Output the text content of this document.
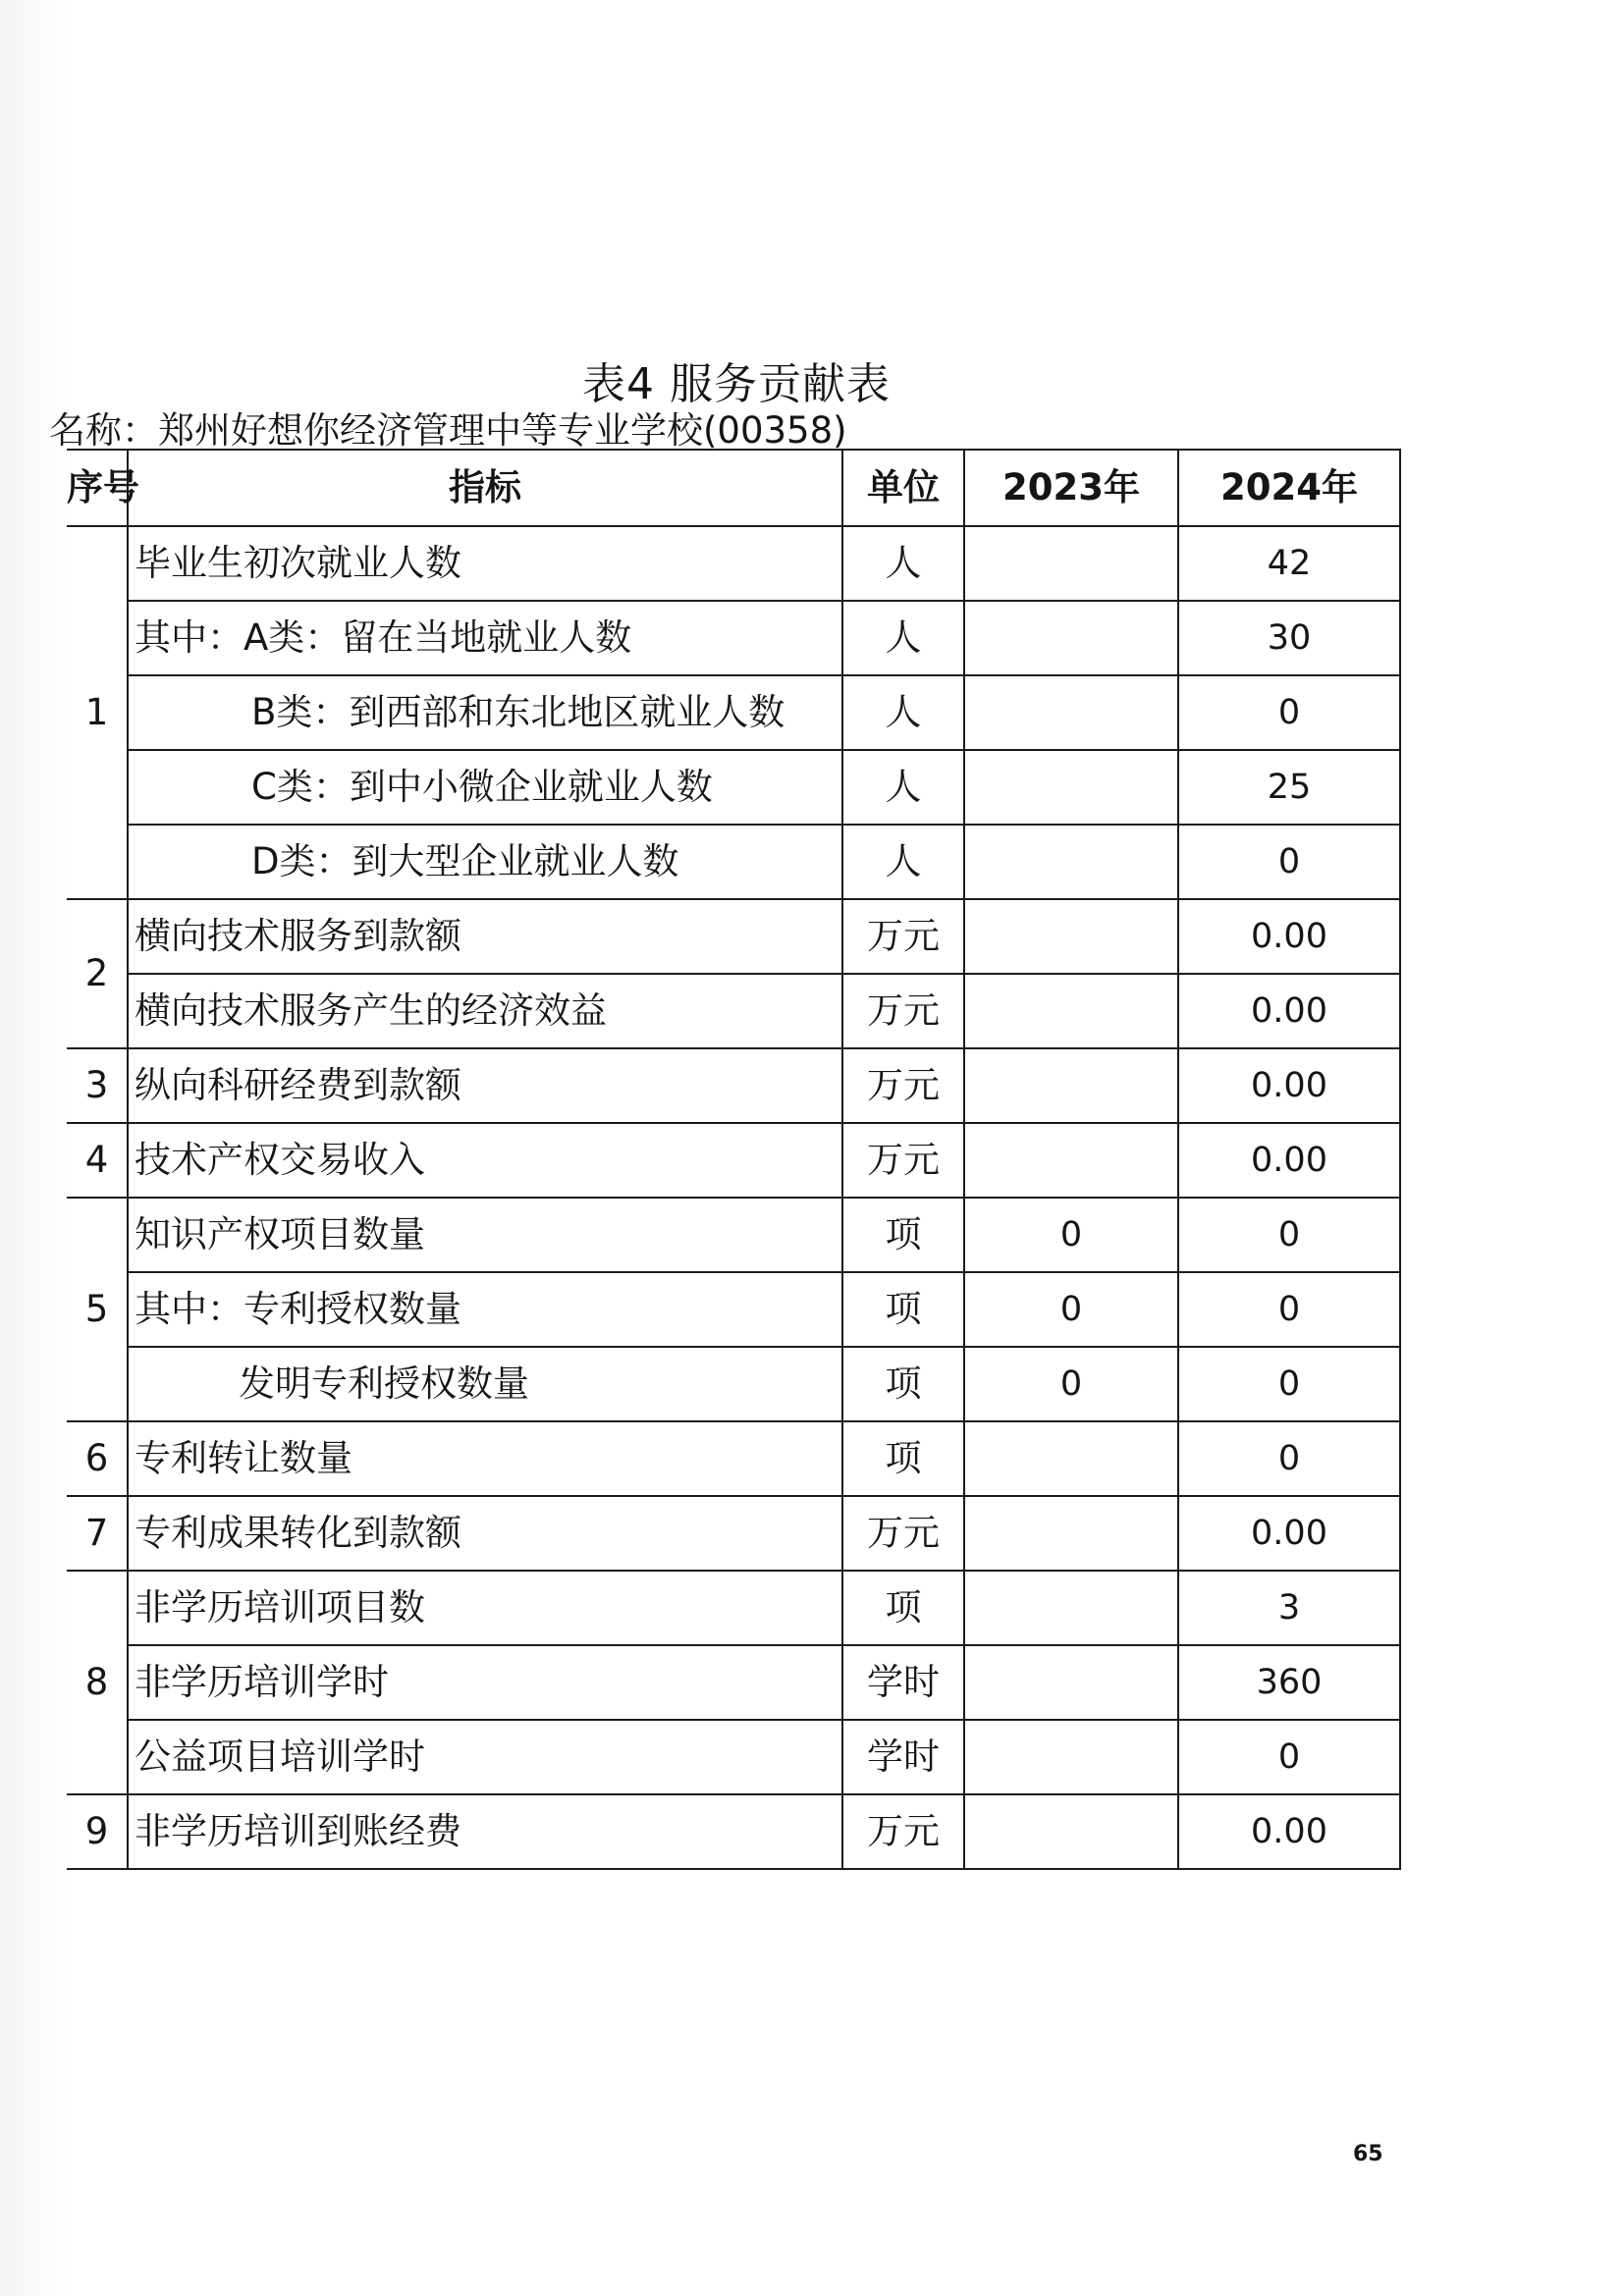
表4 服务贡献表
名称：郑州好想你经济管理中等专业学校(00358)
序号	指标	单位	2023年	2024年
1	毕业生初次就业人数	人		42
	其中：A类：留在当地就业人数	人		30
	B类：到西部和东北地区就业人数	人		0
	C类：到中小微企业就业人数	人		25
	D类：到大型企业就业人数	人		0
2	横向技术服务到款额	万元		0.00
	横向技术服务产生的经济效益	万元		0.00
3	纵向科研经费到款额	万元		0.00
4	技术产权交易收入	万元		0.00
5	知识产权项目数量	项	0	0
	其中：专利授权数量	项	0	0
	发明专利授权数量	项	0	0
6	专利转让数量	项		0
7	专利成果转化到款额	万元		0.00
8	非学历培训项目数	项		3
	非学历培训学时	学时		360
	公益项目培训学时	学时		0
9	非学历培训到账经费	万元		0.00
65
